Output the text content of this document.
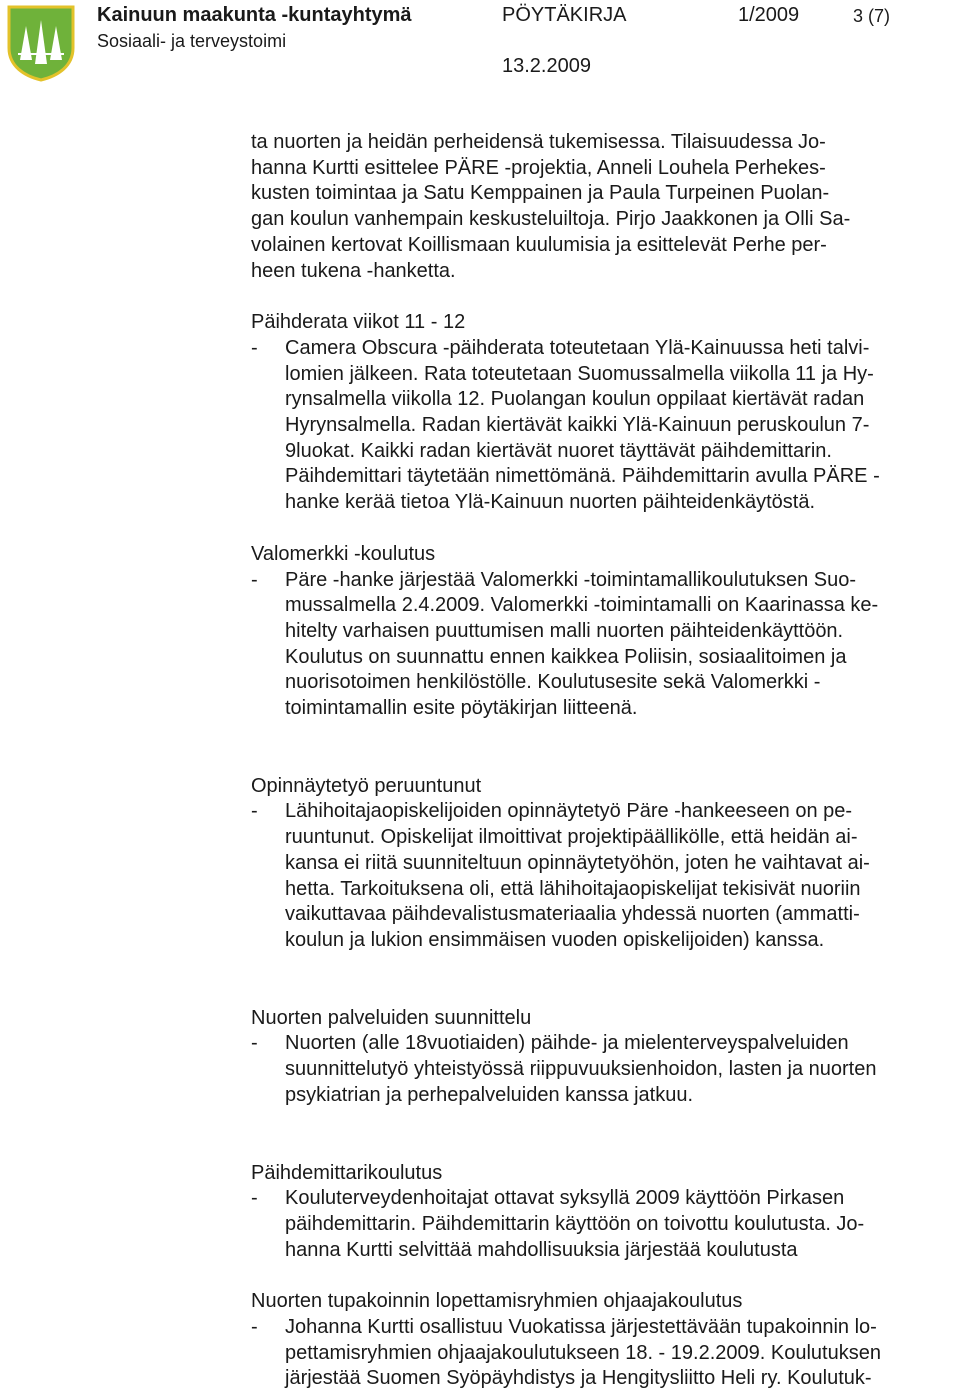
Kainuun maakunta -kuntayhtymä
Sosiaali- ja terveystoimi
PÖYTÄKIRJA	1/2009	3 (7)
13.2.2009
ta nuorten ja heidän perheidensä tukemisessa. Tilaisuudessa Jo-
hanna Kurtti esittelee PÄRE -projektia, Anneli Louhela Perhekes-
kusten toimintaa ja Satu Kemppainen ja Paula Turpeinen Puolan-
gan koulun vanhempain keskusteluiltoja. Pirjo Jaakkonen ja Olli Sa-
volainen kertovat Koillismaan kuulumisia ja esittelevät Perhe per-
heen tukena -hanketta.
Päihderata viikot 11 - 12
- Camera Obscura -päihderata toteutetaan Ylä-Kainuussa heti talvi-
lomien jälkeen. Rata toteutetaan Suomussalmella viikolla 11 ja Hy-
rynsalmella viikolla 12. Puolangan koulun oppilaat kiertävät radan
Hyrynsalmella. Radan kiertävät kaikki Ylä-Kainuun peruskoulun 7-
9luokat. Kaikki radan kiertävät nuoret täyttävät päihdemittarin.
Päihdemittari täytetään nimettömänä. Päihdemittarin avulla PÄRE -
hanke kerää tietoa Ylä-Kainuun nuorten päihteidenkäytöstä.
Valomerkki -koulutus
- Päre -hanke järjestää Valomerkki -toimintamallikoulutuksen Suo-
mussalmella 2.4.2009. Valomerkki -toimintamalli on Kaarinassa ke-
hitelty varhaisen puuttumisen malli nuorten päihteidenkäyttöön.
Koulutus on suunnattu ennen kaikkea Poliisin, sosiaalitoimen ja
nuorisotoimen henkilöstölle. Koulutusesite sekä Valomerkki -
toimintamallin esite pöytäkirjan liitteenä.
Opinnäytetyö peruuntunut
- Lähihoitajaopiskelijoiden opinnäytetyö Päre -hankeeseen on pe-
ruuntunut. Opiskelijat ilmoittivat projektipäällikölle, että heidän ai-
kansa ei riitä suunniteltuun opinnäytetyöhön, joten he vaihtavat ai-
hetta. Tarkoituksena oli, että lähihoitajaopiskelijat tekisivät nuoriin
vaikuttavaa päihdevalistusmateriaalia yhdessä nuorten (ammatti-
koulun ja lukion ensimmäisen vuoden opiskelijoiden) kanssa.
Nuorten palveluiden suunnittelu
- Nuorten (alle 18vuotiaiden) päihde- ja mielenterveyspalveluiden
suunnittelutyö yhteistyössä riippuvuuksienhoidon, lasten ja nuorten
psykiatrian ja perhepalveluiden kanssa jatkuu.
Päihdemittarikoulutus
- Kouluterveydenhoitajat ottavat syksyllä 2009 käyttöön Pirkasen
päihdemittarin. Päihdemittarin käyttöön on toivottu koulutusta. Jo-
hanna Kurtti selvittää mahdollisuuksia järjestää koulutusta
Nuorten tupakoinnin lopettamisryhmien ohjaajakoulutus
- Johanna Kurtti osallistuu Vuokatissa järjestettävään tupakoinnin lo-
pettamisryhmien ohjaajakoulutukseen 18. - 19.2.2009. Koulutuksen
järjestää Suomen Syöpäyhdistys ja Hengitysliitto Heli ry. Koulutuk-
